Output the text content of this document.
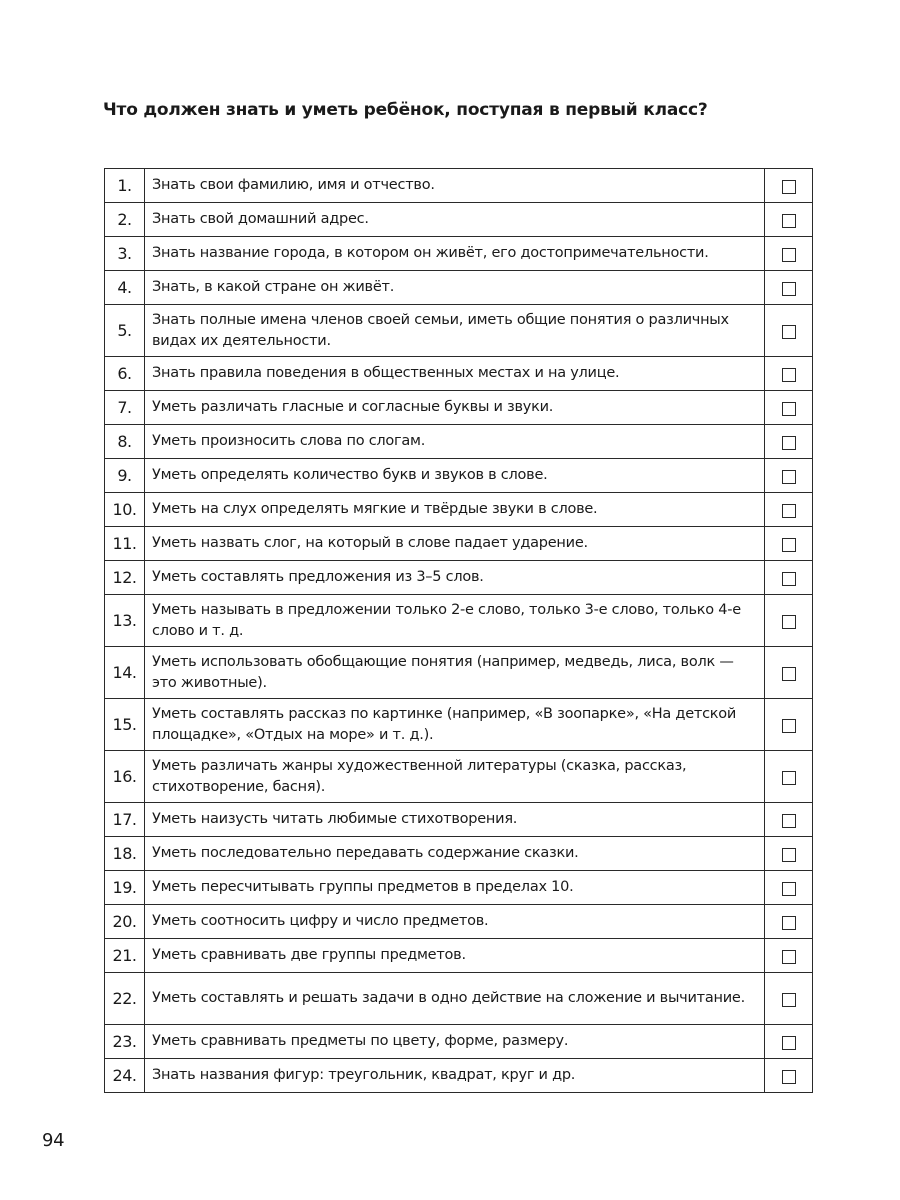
Что должен знать и уметь ребёнок, поступая в первый класс?
1.	Знать свои фамилию, имя и отчество.	
2.	Знать свой домашний адрес.	
3.	Знать название города, в котором он живёт, его достопримечательности.	
4.	Знать, в какой стране он живёт.	
5.	Знать полные имена членов своей семьи, иметь общие понятия о различных видах их деятельности.	
6.	Знать правила поведения в общественных местах и на улице.	
7.	Уметь различать гласные и согласные буквы и звуки.	
8.	Уметь произносить слова по слогам.	
9.	Уметь определять количество букв и звуков в слове.	
10.	Уметь на слух определять мягкие и твёрдые звуки в слове.	
11.	Уметь назвать слог, на который в слове падает ударение.	
12.	Уметь составлять предложения из 3–5 слов.	
13.	Уметь называть в предложении только 2-е слово, только 3-е слово, только 4-е слово и т. д.	
14.	Уметь использовать обобщающие понятия (например, медведь, лиса, волк — это животные).	
15.	Уметь составлять рассказ по картинке (например, «В зоопарке», «На детской площадке», «Отдых на море» и т. д.).	
16.	Уметь различать жанры художественной литературы (сказка, рассказ, стихотворение, басня).	
17.	Уметь наизусть читать любимые стихотворения.	
18.	Уметь последовательно передавать содержание сказки.	
19.	Уметь пересчитывать группы предметов в пределах 10.	
20.	Уметь соотносить цифру и число предметов.	
21.	Уметь сравнивать две группы предметов.	
22.	Уметь составлять и решать задачи в одно действие на сложение и вычитание.	
23.	Уметь сравнивать предметы по цвету, форме, размеру.	
24.	Знать названия фигур: треугольник, квадрат, круг и др.	
94
